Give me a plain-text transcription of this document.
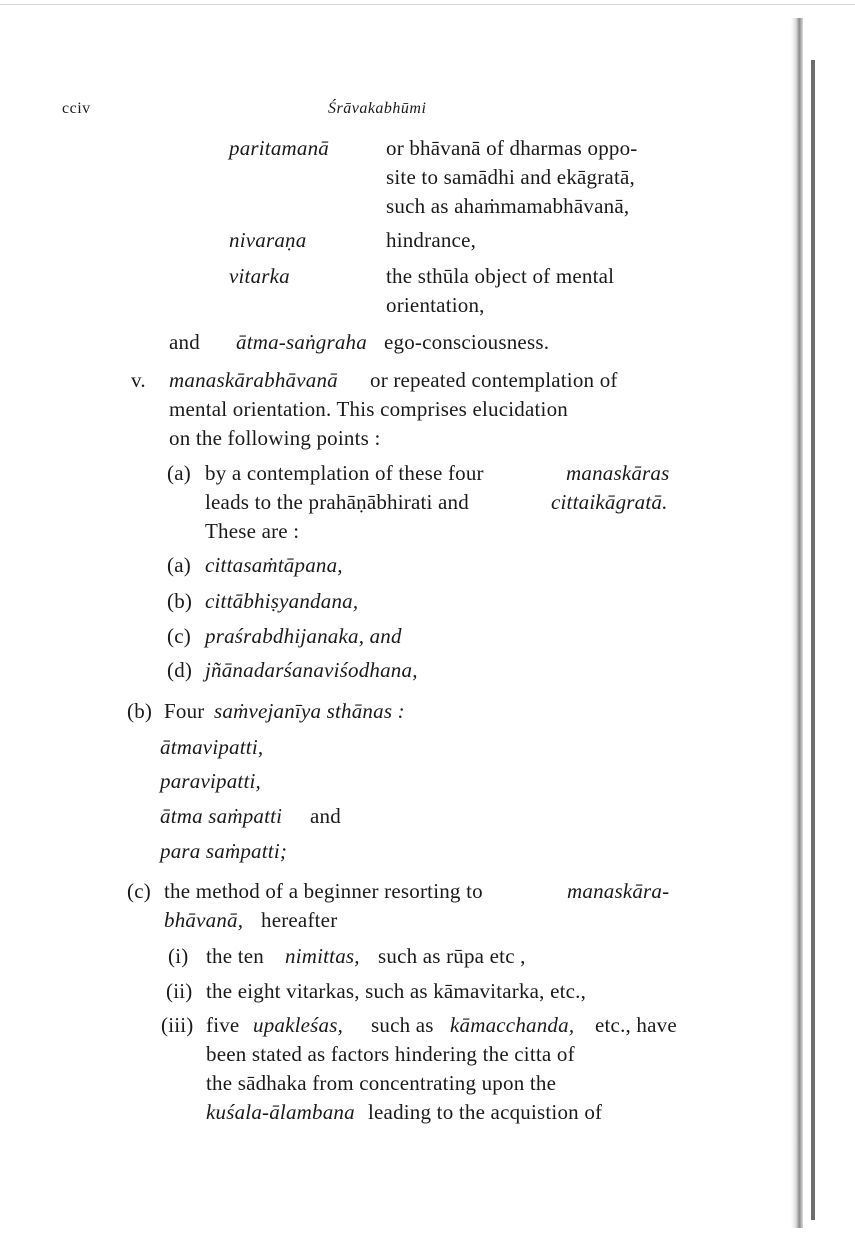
cciv	Śrāvakabhūmi
paritamanā	or bhāvanā of dharmas oppo-
site to samādhi and ekāgratā,
such as ahaṁmamabhāvanā,
nivaraṇa	hindrance,
vitarka	the sthūla object of mental
orientation,
and ātma-saṅgraha ego-consciousness.
v. manaskārabhāvanā or repeated contemplation of
mental orientation. This comprises elucidation
on the following points :
(a) by a contemplation of these four	manaskāras
leads to the prahāṇābhirati and	cittaikāgratā.
These are :
(a) cittasaṁtāpana,
(b) cittābhiṣyandana,
(c) praśrabdhijanaka, and
(d) jñānadarśanaviśodhana,
(b) Four saṁvejanīya sthānas :
ātmavipatti,
paravipatti,
ātma saṁpatti and
para saṁpatti;
(c) the method of a beginner resorting to	manaskāra-
bhāvanā, hereafter
(i) the ten nimittas, such as rūpa etc ,
(ii) the eight vitarkas, such as kāmavitarka, etc.,
(iii) five upakleśas, such as kāmacchanda, etc., have
been stated as factors hindering the citta of
the sādhaka from concentrating upon the
kuśala-ālambana leading to the acquistion of
